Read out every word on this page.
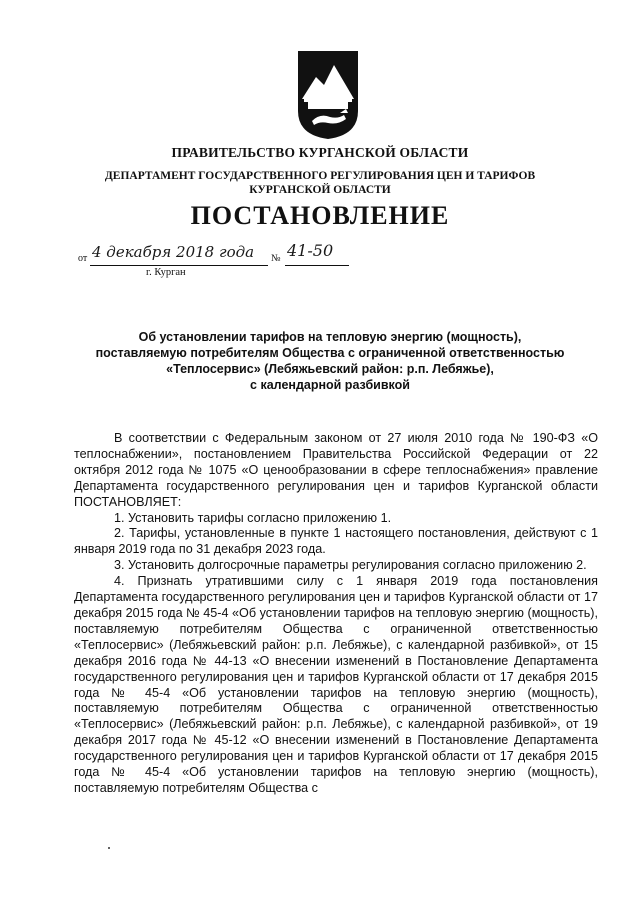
ПРАВИТЕЛЬСТВО КУРГАНСКОЙ ОБЛАСТИ
ДЕПАРТАМЕНТ ГОСУДАРСТВЕННОГО РЕГУЛИРОВАНИЯ ЦЕН И ТАРИФОВ
КУРГАНСКОЙ ОБЛАСТИ
ПОСТАНОВЛЕНИЕ
от 4 декабря 2018 года	№ 41-50
г. Курган
Об установлении тарифов на тепловую энергию (мощность),
поставляемую потребителям Общества с ограниченной ответственностью
«Теплосервис» (Лебяжьевский район: р.п. Лебяжье),
с календарной разбивкой

В соответствии с Федеральным законом от 27 июля 2010 года № 190-ФЗ «О теплоснабжении», постановлением Правительства Российской Федерации от 22 октября 2012 года № 1075 «О ценообразовании в сфере теплоснабжения» правление Департамента государственного регулирования цен и тарифов Курганской области ПОСТАНОВЛЯЕТ:

1. Установить тарифы согласно приложению 1.

2. Тарифы, установленные в пункте 1 настоящего постановления, действуют с 1 января 2019 года по 31 декабря 2023 года.

3. Установить долгосрочные параметры регулирования согласно приложению 2.

4. Признать утратившими силу с 1 января 2019 года постановления Департамента государственного регулирования цен и тарифов Курганской области от 17 декабря 2015 года № 45-4 «Об установлении тарифов на тепловую энергию (мощность), поставляемую потребителям Общества с ограниченной ответственностью «Теплосервис» (Лебяжьевский район: р.п. Лебяжье), с календарной разбивкой», от 15 декабря 2016 года № 44-13 «О внесении изменений в Постановление Департамента государственного регулирования цен и тарифов Курганской области от 17 декабря 2015 года № 45-4 «Об установлении тарифов на тепловую энергию (мощность), поставляемую потребителям Общества с ограниченной ответственностью «Теплосервис» (Лебяжьевский район: р.п. Лебяжье), с календарной разбивкой», от 19 декабря 2017 года № 45-12 «О внесении изменений в Постановление Департамента государственного регулирования цен и тарифов Курганской области от 17 декабря 2015 года № 45-4 «Об установлении тарифов на тепловую энергию (мощность), поставляемую потребителям Общества с
